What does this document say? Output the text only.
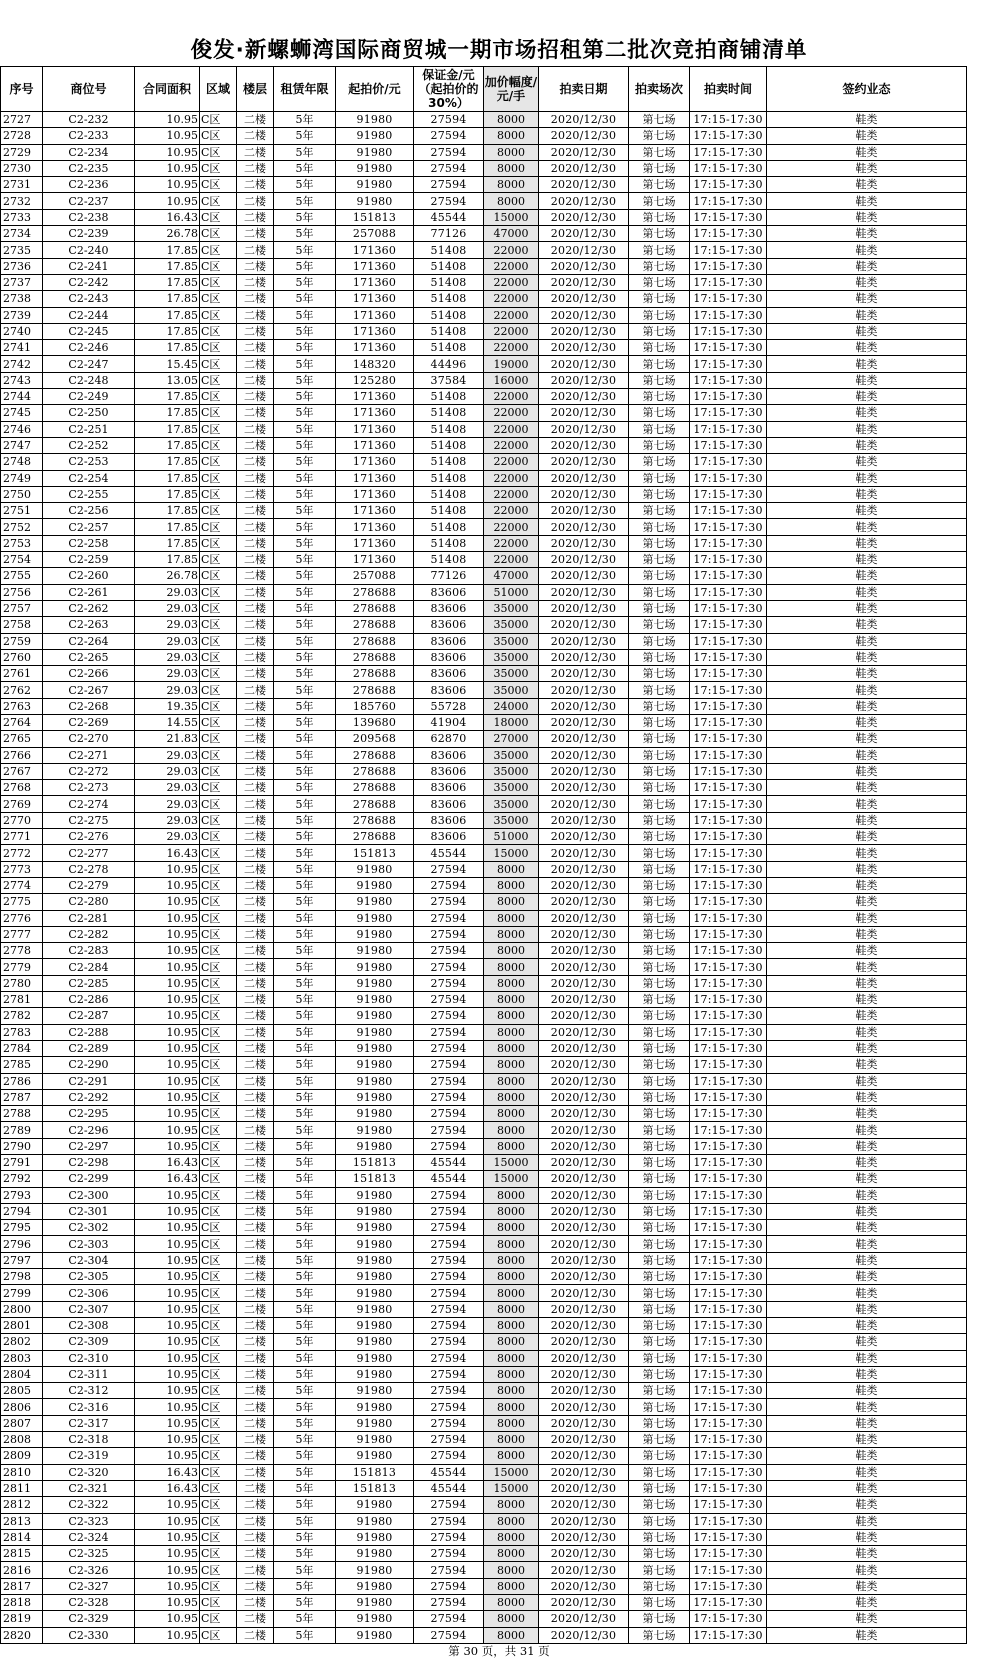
俊发·新螺蛳湾国际商贸城一期市场招租第二批次竞拍商铺清单
序号	商位号	合同面积	区域	楼层	租赁年限	起拍价/元	保证金/元（起拍价的30%）	加价幅度/元/手	拍卖日期	拍卖场次	拍卖时间	签约业态
2727	C2-232	10.95	C区	二楼	5年	91980	27594	8000	2020/12/30	第七场	17:15-17:30	鞋类
2728	C2-233	10.95	C区	二楼	5年	91980	27594	8000	2020/12/30	第七场	17:15-17:30	鞋类
2729	C2-234	10.95	C区	二楼	5年	91980	27594	8000	2020/12/30	第七场	17:15-17:30	鞋类
2730	C2-235	10.95	C区	二楼	5年	91980	27594	8000	2020/12/30	第七场	17:15-17:30	鞋类
2731	C2-236	10.95	C区	二楼	5年	91980	27594	8000	2020/12/30	第七场	17:15-17:30	鞋类
2732	C2-237	10.95	C区	二楼	5年	91980	27594	8000	2020/12/30	第七场	17:15-17:30	鞋类
2733	C2-238	16.43	C区	二楼	5年	151813	45544	15000	2020/12/30	第七场	17:15-17:30	鞋类
2734	C2-239	26.78	C区	二楼	5年	257088	77126	47000	2020/12/30	第七场	17:15-17:30	鞋类
2735	C2-240	17.85	C区	二楼	5年	171360	51408	22000	2020/12/30	第七场	17:15-17:30	鞋类
2736	C2-241	17.85	C区	二楼	5年	171360	51408	22000	2020/12/30	第七场	17:15-17:30	鞋类
2737	C2-242	17.85	C区	二楼	5年	171360	51408	22000	2020/12/30	第七场	17:15-17:30	鞋类
2738	C2-243	17.85	C区	二楼	5年	171360	51408	22000	2020/12/30	第七场	17:15-17:30	鞋类
2739	C2-244	17.85	C区	二楼	5年	171360	51408	22000	2020/12/30	第七场	17:15-17:30	鞋类
2740	C2-245	17.85	C区	二楼	5年	171360	51408	22000	2020/12/30	第七场	17:15-17:30	鞋类
2741	C2-246	17.85	C区	二楼	5年	171360	51408	22000	2020/12/30	第七场	17:15-17:30	鞋类
2742	C2-247	15.45	C区	二楼	5年	148320	44496	19000	2020/12/30	第七场	17:15-17:30	鞋类
2743	C2-248	13.05	C区	二楼	5年	125280	37584	16000	2020/12/30	第七场	17:15-17:30	鞋类
2744	C2-249	17.85	C区	二楼	5年	171360	51408	22000	2020/12/30	第七场	17:15-17:30	鞋类
2745	C2-250	17.85	C区	二楼	5年	171360	51408	22000	2020/12/30	第七场	17:15-17:30	鞋类
2746	C2-251	17.85	C区	二楼	5年	171360	51408	22000	2020/12/30	第七场	17:15-17:30	鞋类
2747	C2-252	17.85	C区	二楼	5年	171360	51408	22000	2020/12/30	第七场	17:15-17:30	鞋类
2748	C2-253	17.85	C区	二楼	5年	171360	51408	22000	2020/12/30	第七场	17:15-17:30	鞋类
2749	C2-254	17.85	C区	二楼	5年	171360	51408	22000	2020/12/30	第七场	17:15-17:30	鞋类
2750	C2-255	17.85	C区	二楼	5年	171360	51408	22000	2020/12/30	第七场	17:15-17:30	鞋类
2751	C2-256	17.85	C区	二楼	5年	171360	51408	22000	2020/12/30	第七场	17:15-17:30	鞋类
2752	C2-257	17.85	C区	二楼	5年	171360	51408	22000	2020/12/30	第七场	17:15-17:30	鞋类
2753	C2-258	17.85	C区	二楼	5年	171360	51408	22000	2020/12/30	第七场	17:15-17:30	鞋类
2754	C2-259	17.85	C区	二楼	5年	171360	51408	22000	2020/12/30	第七场	17:15-17:30	鞋类
2755	C2-260	26.78	C区	二楼	5年	257088	77126	47000	2020/12/30	第七场	17:15-17:30	鞋类
2756	C2-261	29.03	C区	二楼	5年	278688	83606	51000	2020/12/30	第七场	17:15-17:30	鞋类
2757	C2-262	29.03	C区	二楼	5年	278688	83606	35000	2020/12/30	第七场	17:15-17:30	鞋类
2758	C2-263	29.03	C区	二楼	5年	278688	83606	35000	2020/12/30	第七场	17:15-17:30	鞋类
2759	C2-264	29.03	C区	二楼	5年	278688	83606	35000	2020/12/30	第七场	17:15-17:30	鞋类
2760	C2-265	29.03	C区	二楼	5年	278688	83606	35000	2020/12/30	第七场	17:15-17:30	鞋类
2761	C2-266	29.03	C区	二楼	5年	278688	83606	35000	2020/12/30	第七场	17:15-17:30	鞋类
2762	C2-267	29.03	C区	二楼	5年	278688	83606	35000	2020/12/30	第七场	17:15-17:30	鞋类
2763	C2-268	19.35	C区	二楼	5年	185760	55728	24000	2020/12/30	第七场	17:15-17:30	鞋类
2764	C2-269	14.55	C区	二楼	5年	139680	41904	18000	2020/12/30	第七场	17:15-17:30	鞋类
2765	C2-270	21.83	C区	二楼	5年	209568	62870	27000	2020/12/30	第七场	17:15-17:30	鞋类
2766	C2-271	29.03	C区	二楼	5年	278688	83606	35000	2020/12/30	第七场	17:15-17:30	鞋类
2767	C2-272	29.03	C区	二楼	5年	278688	83606	35000	2020/12/30	第七场	17:15-17:30	鞋类
2768	C2-273	29.03	C区	二楼	5年	278688	83606	35000	2020/12/30	第七场	17:15-17:30	鞋类
2769	C2-274	29.03	C区	二楼	5年	278688	83606	35000	2020/12/30	第七场	17:15-17:30	鞋类
2770	C2-275	29.03	C区	二楼	5年	278688	83606	35000	2020/12/30	第七场	17:15-17:30	鞋类
2771	C2-276	29.03	C区	二楼	5年	278688	83606	51000	2020/12/30	第七场	17:15-17:30	鞋类
2772	C2-277	16.43	C区	二楼	5年	151813	45544	15000	2020/12/30	第七场	17:15-17:30	鞋类
2773	C2-278	10.95	C区	二楼	5年	91980	27594	8000	2020/12/30	第七场	17:15-17:30	鞋类
2774	C2-279	10.95	C区	二楼	5年	91980	27594	8000	2020/12/30	第七场	17:15-17:30	鞋类
2775	C2-280	10.95	C区	二楼	5年	91980	27594	8000	2020/12/30	第七场	17:15-17:30	鞋类
2776	C2-281	10.95	C区	二楼	5年	91980	27594	8000	2020/12/30	第七场	17:15-17:30	鞋类
2777	C2-282	10.95	C区	二楼	5年	91980	27594	8000	2020/12/30	第七场	17:15-17:30	鞋类
2778	C2-283	10.95	C区	二楼	5年	91980	27594	8000	2020/12/30	第七场	17:15-17:30	鞋类
2779	C2-284	10.95	C区	二楼	5年	91980	27594	8000	2020/12/30	第七场	17:15-17:30	鞋类
2780	C2-285	10.95	C区	二楼	5年	91980	27594	8000	2020/12/30	第七场	17:15-17:30	鞋类
2781	C2-286	10.95	C区	二楼	5年	91980	27594	8000	2020/12/30	第七场	17:15-17:30	鞋类
2782	C2-287	10.95	C区	二楼	5年	91980	27594	8000	2020/12/30	第七场	17:15-17:30	鞋类
2783	C2-288	10.95	C区	二楼	5年	91980	27594	8000	2020/12/30	第七场	17:15-17:30	鞋类
2784	C2-289	10.95	C区	二楼	5年	91980	27594	8000	2020/12/30	第七场	17:15-17:30	鞋类
2785	C2-290	10.95	C区	二楼	5年	91980	27594	8000	2020/12/30	第七场	17:15-17:30	鞋类
2786	C2-291	10.95	C区	二楼	5年	91980	27594	8000	2020/12/30	第七场	17:15-17:30	鞋类
2787	C2-292	10.95	C区	二楼	5年	91980	27594	8000	2020/12/30	第七场	17:15-17:30	鞋类
2788	C2-295	10.95	C区	二楼	5年	91980	27594	8000	2020/12/30	第七场	17:15-17:30	鞋类
2789	C2-296	10.95	C区	二楼	5年	91980	27594	8000	2020/12/30	第七场	17:15-17:30	鞋类
2790	C2-297	10.95	C区	二楼	5年	91980	27594	8000	2020/12/30	第七场	17:15-17:30	鞋类
2791	C2-298	16.43	C区	二楼	5年	151813	45544	15000	2020/12/30	第七场	17:15-17:30	鞋类
2792	C2-299	16.43	C区	二楼	5年	151813	45544	15000	2020/12/30	第七场	17:15-17:30	鞋类
2793	C2-300	10.95	C区	二楼	5年	91980	27594	8000	2020/12/30	第七场	17:15-17:30	鞋类
2794	C2-301	10.95	C区	二楼	5年	91980	27594	8000	2020/12/30	第七场	17:15-17:30	鞋类
2795	C2-302	10.95	C区	二楼	5年	91980	27594	8000	2020/12/30	第七场	17:15-17:30	鞋类
2796	C2-303	10.95	C区	二楼	5年	91980	27594	8000	2020/12/30	第七场	17:15-17:30	鞋类
2797	C2-304	10.95	C区	二楼	5年	91980	27594	8000	2020/12/30	第七场	17:15-17:30	鞋类
2798	C2-305	10.95	C区	二楼	5年	91980	27594	8000	2020/12/30	第七场	17:15-17:30	鞋类
2799	C2-306	10.95	C区	二楼	5年	91980	27594	8000	2020/12/30	第七场	17:15-17:30	鞋类
2800	C2-307	10.95	C区	二楼	5年	91980	27594	8000	2020/12/30	第七场	17:15-17:30	鞋类
2801	C2-308	10.95	C区	二楼	5年	91980	27594	8000	2020/12/30	第七场	17:15-17:30	鞋类
2802	C2-309	10.95	C区	二楼	5年	91980	27594	8000	2020/12/30	第七场	17:15-17:30	鞋类
2803	C2-310	10.95	C区	二楼	5年	91980	27594	8000	2020/12/30	第七场	17:15-17:30	鞋类
2804	C2-311	10.95	C区	二楼	5年	91980	27594	8000	2020/12/30	第七场	17:15-17:30	鞋类
2805	C2-312	10.95	C区	二楼	5年	91980	27594	8000	2020/12/30	第七场	17:15-17:30	鞋类
2806	C2-316	10.95	C区	二楼	5年	91980	27594	8000	2020/12/30	第七场	17:15-17:30	鞋类
2807	C2-317	10.95	C区	二楼	5年	91980	27594	8000	2020/12/30	第七场	17:15-17:30	鞋类
2808	C2-318	10.95	C区	二楼	5年	91980	27594	8000	2020/12/30	第七场	17:15-17:30	鞋类
2809	C2-319	10.95	C区	二楼	5年	91980	27594	8000	2020/12/30	第七场	17:15-17:30	鞋类
2810	C2-320	16.43	C区	二楼	5年	151813	45544	15000	2020/12/30	第七场	17:15-17:30	鞋类
2811	C2-321	16.43	C区	二楼	5年	151813	45544	15000	2020/12/30	第七场	17:15-17:30	鞋类
2812	C2-322	10.95	C区	二楼	5年	91980	27594	8000	2020/12/30	第七场	17:15-17:30	鞋类
2813	C2-323	10.95	C区	二楼	5年	91980	27594	8000	2020/12/30	第七场	17:15-17:30	鞋类
2814	C2-324	10.95	C区	二楼	5年	91980	27594	8000	2020/12/30	第七场	17:15-17:30	鞋类
2815	C2-325	10.95	C区	二楼	5年	91980	27594	8000	2020/12/30	第七场	17:15-17:30	鞋类
2816	C2-326	10.95	C区	二楼	5年	91980	27594	8000	2020/12/30	第七场	17:15-17:30	鞋类
2817	C2-327	10.95	C区	二楼	5年	91980	27594	8000	2020/12/30	第七场	17:15-17:30	鞋类
2818	C2-328	10.95	C区	二楼	5年	91980	27594	8000	2020/12/30	第七场	17:15-17:30	鞋类
2819	C2-329	10.95	C区	二楼	5年	91980	27594	8000	2020/12/30	第七场	17:15-17:30	鞋类
2820	C2-330	10.95	C区	二楼	5年	91980	27594	8000	2020/12/30	第七场	17:15-17:30	鞋类
第 30 页，共 31 页
